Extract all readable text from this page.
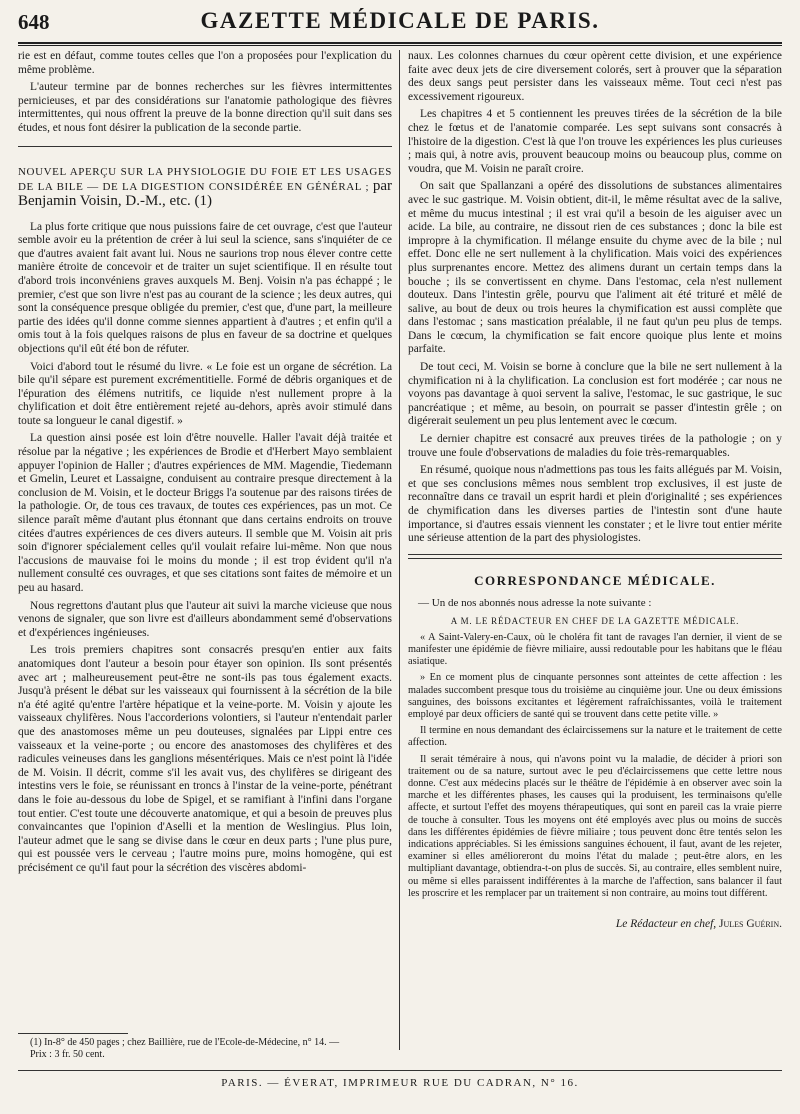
648	GAZETTE MÉDICALE DE PARIS.

rie est en défaut, comme toutes celles que l'on a proposées pour l'explication du même problème.

L'auteur termine par de bonnes recherches sur les fièvres intermittentes pernicieuses, et par des considérations sur l'anatomie pathologique des fièvres intermittentes, qui nous offrent la preuve de la bonne direction qu'il suit dans ses études, et nous font désirer la publication de la seconde partie.

NOUVEL APERÇU SUR LA PHYSIOLOGIE DU FOIE ET LES USAGES DE LA BILE — DE LA DIGESTION CONSIDÉRÉE EN GÉNÉRAL ; par Benjamin Voisin, D.-M., etc. (1)

La plus forte critique que nous puissions faire de cet ouvrage, c'est que l'auteur semble avoir eu la prétention de créer à lui seul la science, sans s'inquiéter de ce que d'autres avaient fait avant lui. Nous ne saurions trop nous élever contre cette manière étroite de concevoir et de traiter un sujet scientifique. Il en résulte tout d'abord trois inconvéniens graves auxquels M. Benj. Voisin n'a pas échappé ; le premier, c'est que son livre n'est pas au courant de la science ; les deux autres, qui sont la conséquence presque obligée du premier, c'est que, d'une part, la meilleure partie des idées qu'il donne comme siennes appartient à d'autres ; et enfin qu'il a omis tout à la fois quelques raisons de plus en faveur de sa doctrine et quelques objections qu'il eût été bon de réfuter.

Voici d'abord tout le résumé du livre. « Le foie est un organe de sécrétion. La bile qu'il sépare est purement excrémentitielle. Formé de débris organiques et de l'épuration des élémens nutritifs, ce liquide n'est nullement propre à la chylification et doit être entièrement rejeté au-dehors, après avoir stimulé dans toute sa longueur le canal digestif. »

La question ainsi posée est loin d'être nouvelle. Haller l'avait déjà traitée et résolue par la négative ; les expériences de Brodie et d'Herbert Mayo semblaient appuyer l'opinion de Haller ; d'autres expériences de MM. Magendie, Tiedemann et Gmelin, Leuret et Lassaigne, conduisent au contraire presque directement à la conclusion de M. Voisin, et le docteur Briggs l'a soutenue par des raisons tirées de la pathologie. Or, de tous ces travaux, de toutes ces expériences, pas un mot. Ce silence paraît même d'autant plus étonnant que dans certains endroits on trouve citées d'autres expériences de ces divers auteurs. Il semble que M. Voisin ait pris soin d'ignorer spécialement celles qu'il voulait refaire lui-même. Non que nous l'accusions de mauvaise foi le moins du monde ; il est trop évident qu'il n'a nullement consulté ces ouvrages, et que ses citations sont faites de mémoire et un peu au hasard.

Nous regrettons d'autant plus que l'auteur ait suivi la marche vicieuse que nous venons de signaler, que son livre est d'ailleurs abondamment semé d'observations et d'expériences ingénieuses.

Les trois premiers chapitres sont consacrés presqu'en entier aux faits anatomiques dont l'auteur a besoin pour étayer son opinion. Ils sont présentés avec art ; malheureusement peut-être ne sont-ils pas tous également exacts. Jusqu'à présent le débat sur les vaisseaux qui fournissent à la sécrétion de la bile n'a été agité qu'entre l'artère hépatique et la veine-porte. M. Voisin y ajoute les vaisseaux chylifères. Nous l'accorderions volontiers, si l'auteur n'entendait parler que des anastomoses même un peu douteuses, signalées par Lippi entre ces vaisseaux et la veine-porte ; ou encore des anastomoses des chylifères et des radicules veineuses dans les ganglions mésentériques. Mais ce n'est point là l'idée de M. Voisin. Il décrit, comme s'il les avait vus, des chylifères se dirigeant des intestins vers le foie, se réunissant en troncs à l'instar de la veine-porte, pénétrant dans le foie au-dessous du lobe de Spigel, et se ramifiant à l'infini dans l'organe tout entier. C'est toute une découverte anatomique, et qui a besoin de preuves plus convaincantes que l'opinion d'Aselli et la mention de Weslingius. Plus loin, l'auteur admet que le sang se divise dans le cœur en deux parts ; l'une plus pure, qui est poussée vers le cerveau ; l'autre moins pure, moins homogène, qui est précisément ce qu'il faut pour la sécrétion des viscères abdomi-

naux. Les colonnes charnues du cœur opèrent cette division, et une expérience faite avec deux jets de cire diversement colorés, sert à prouver que la séparation des deux sangs peut persister dans les vaisseaux même. Tout ceci n'est pas excessivement rigoureux.

Les chapitres 4 et 5 contiennent les preuves tirées de la sécrétion de la bile chez le fœtus et de l'anatomie comparée. Les sept suivans sont consacrés à l'histoire de la digestion. C'est là que l'on trouve les expériences les plus curieuses ; mais qui, à notre avis, prouvent beaucoup moins ou beaucoup plus, comme on voudra, que M. Voisin ne paraît croire.

On sait que Spallanzani a opéré des dissolutions de substances alimentaires avec le suc gastrique. M. Voisin obtient, dit-il, le même résultat avec de la salive, et même du mucus intestinal ; il est vrai qu'il a besoin de les aiguiser avec un acide. La bile, au contraire, ne dissout rien de ces substances ; donc la bile est impropre à la chymification. Il mélange ensuite du chyme avec de la bile ; nul effet. Donc elle ne sert nullement à la chylification. Mais voici des expériences plus surprenantes encore. Mettez des alimens durant un certain temps dans la bouche ; ils se convertissent en chyme. Dans l'estomac, cela n'est nullement douteux. Dans l'intestin grêle, pourvu que l'aliment ait été trituré et mêlé de salive, au bout de deux ou trois heures la chymification est aussi complète que dans l'estomac ; sans mastication préalable, il ne faut qu'un peu plus de temps. Dans le cœcum, la chymification se fait encore quoique plus lente et moins parfaite.

De tout ceci, M. Voisin se borne à conclure que la bile ne sert nullement à la chymification ni à la chylification. La conclusion est fort modérée ; car nous ne voyons pas davantage à quoi servent la salive, l'estomac, le suc gastrique, le suc pancréatique ; et même, au besoin, on pourrait se passer d'intestin grêle ; on digérerait seulement un peu plus lentement avec le cœcum.

Le dernier chapitre est consacré aux preuves tirées de la pathologie ; on y trouve une foule d'observations de maladies du foie très-remarquables.

En résumé, quoique nous n'admettions pas tous les faits allégués par M. Voisin, et que ses conclusions mêmes nous semblent trop exclusives, il est juste de reconnaître dans ce travail un esprit hardi et plein d'originalité ; ses expériences de chymification dans les diverses parties de l'intestin sont d'une haute importance, si d'autres essais viennent les constater ; et le livre tout entier mérite une sérieuse attention de la part des physiologistes.

CORRESPONDANCE MÉDICALE.
— Un de nos abonnés nous adresse la note suivante :
A M. LE RÉDACTEUR EN CHEF DE LA GAZETTE MÉDICALE.

« A Saint-Valery-en-Caux, où le choléra fit tant de ravages l'an dernier, il vient de se manifester une épidémie de fièvre miliaire, aussi redoutable pour les habitans que le fléau asiatique.

» En ce moment plus de cinquante personnes sont atteintes de cette affection : les malades succombent presque tous du troisième au cinquième jour. Une ou deux émissions sanguines, des boissons excitantes et légèrement rafraîchissantes, voilà le traitement employé par deux officiers de santé qui se trouvent dans cette petite ville. »

Il termine en nous demandant des éclaircissemens sur la nature et le traitement de cette affection.

Il serait téméraire à nous, qui n'avons point vu la maladie, de décider à priori son traitement ou de sa nature, surtout avec le peu d'éclaircissemens que cette lettre nous donne. C'est aux médecins placés sur le théâtre de l'épidémie à en observer avec soin la marche et les différentes phases, les causes qui la produisent, les terminaisons qu'elle affecte, et surtout l'effet des moyens thérapeutiques, qui sont en pareil cas la vraie pierre de touche à consulter. Tous les moyens ont été employés avec plus ou moins de succès dans les différentes épidémies de fièvre miliaire ; tous peuvent donc être tentés selon les indications appréciables. Si les émissions sanguines échouent, il faut, avant de les rejeter, examiner si elles amélioreront du moins l'état du malade ; peut-être alors, en les multipliant davantage, obtiendra-t-on plus de succès. Si, au contraire, elles semblent nuire, ou même si elles paraissent indifférentes à la marche de l'affection, sans balancer il faut les proscrire et les remplacer par un traitement si non contraire, au moins tout différent.

Le Rédacteur en chef, Jules Guérin.
(1) In-8° de 450 pages ; chez Baillière, rue de l'Ecole-de-Médecine, n° 14. —
Prix : 3 fr. 50 cent.
PARIS. — ÉVERAT, IMPRIMEUR RUE DU CADRAN, N° 16.
